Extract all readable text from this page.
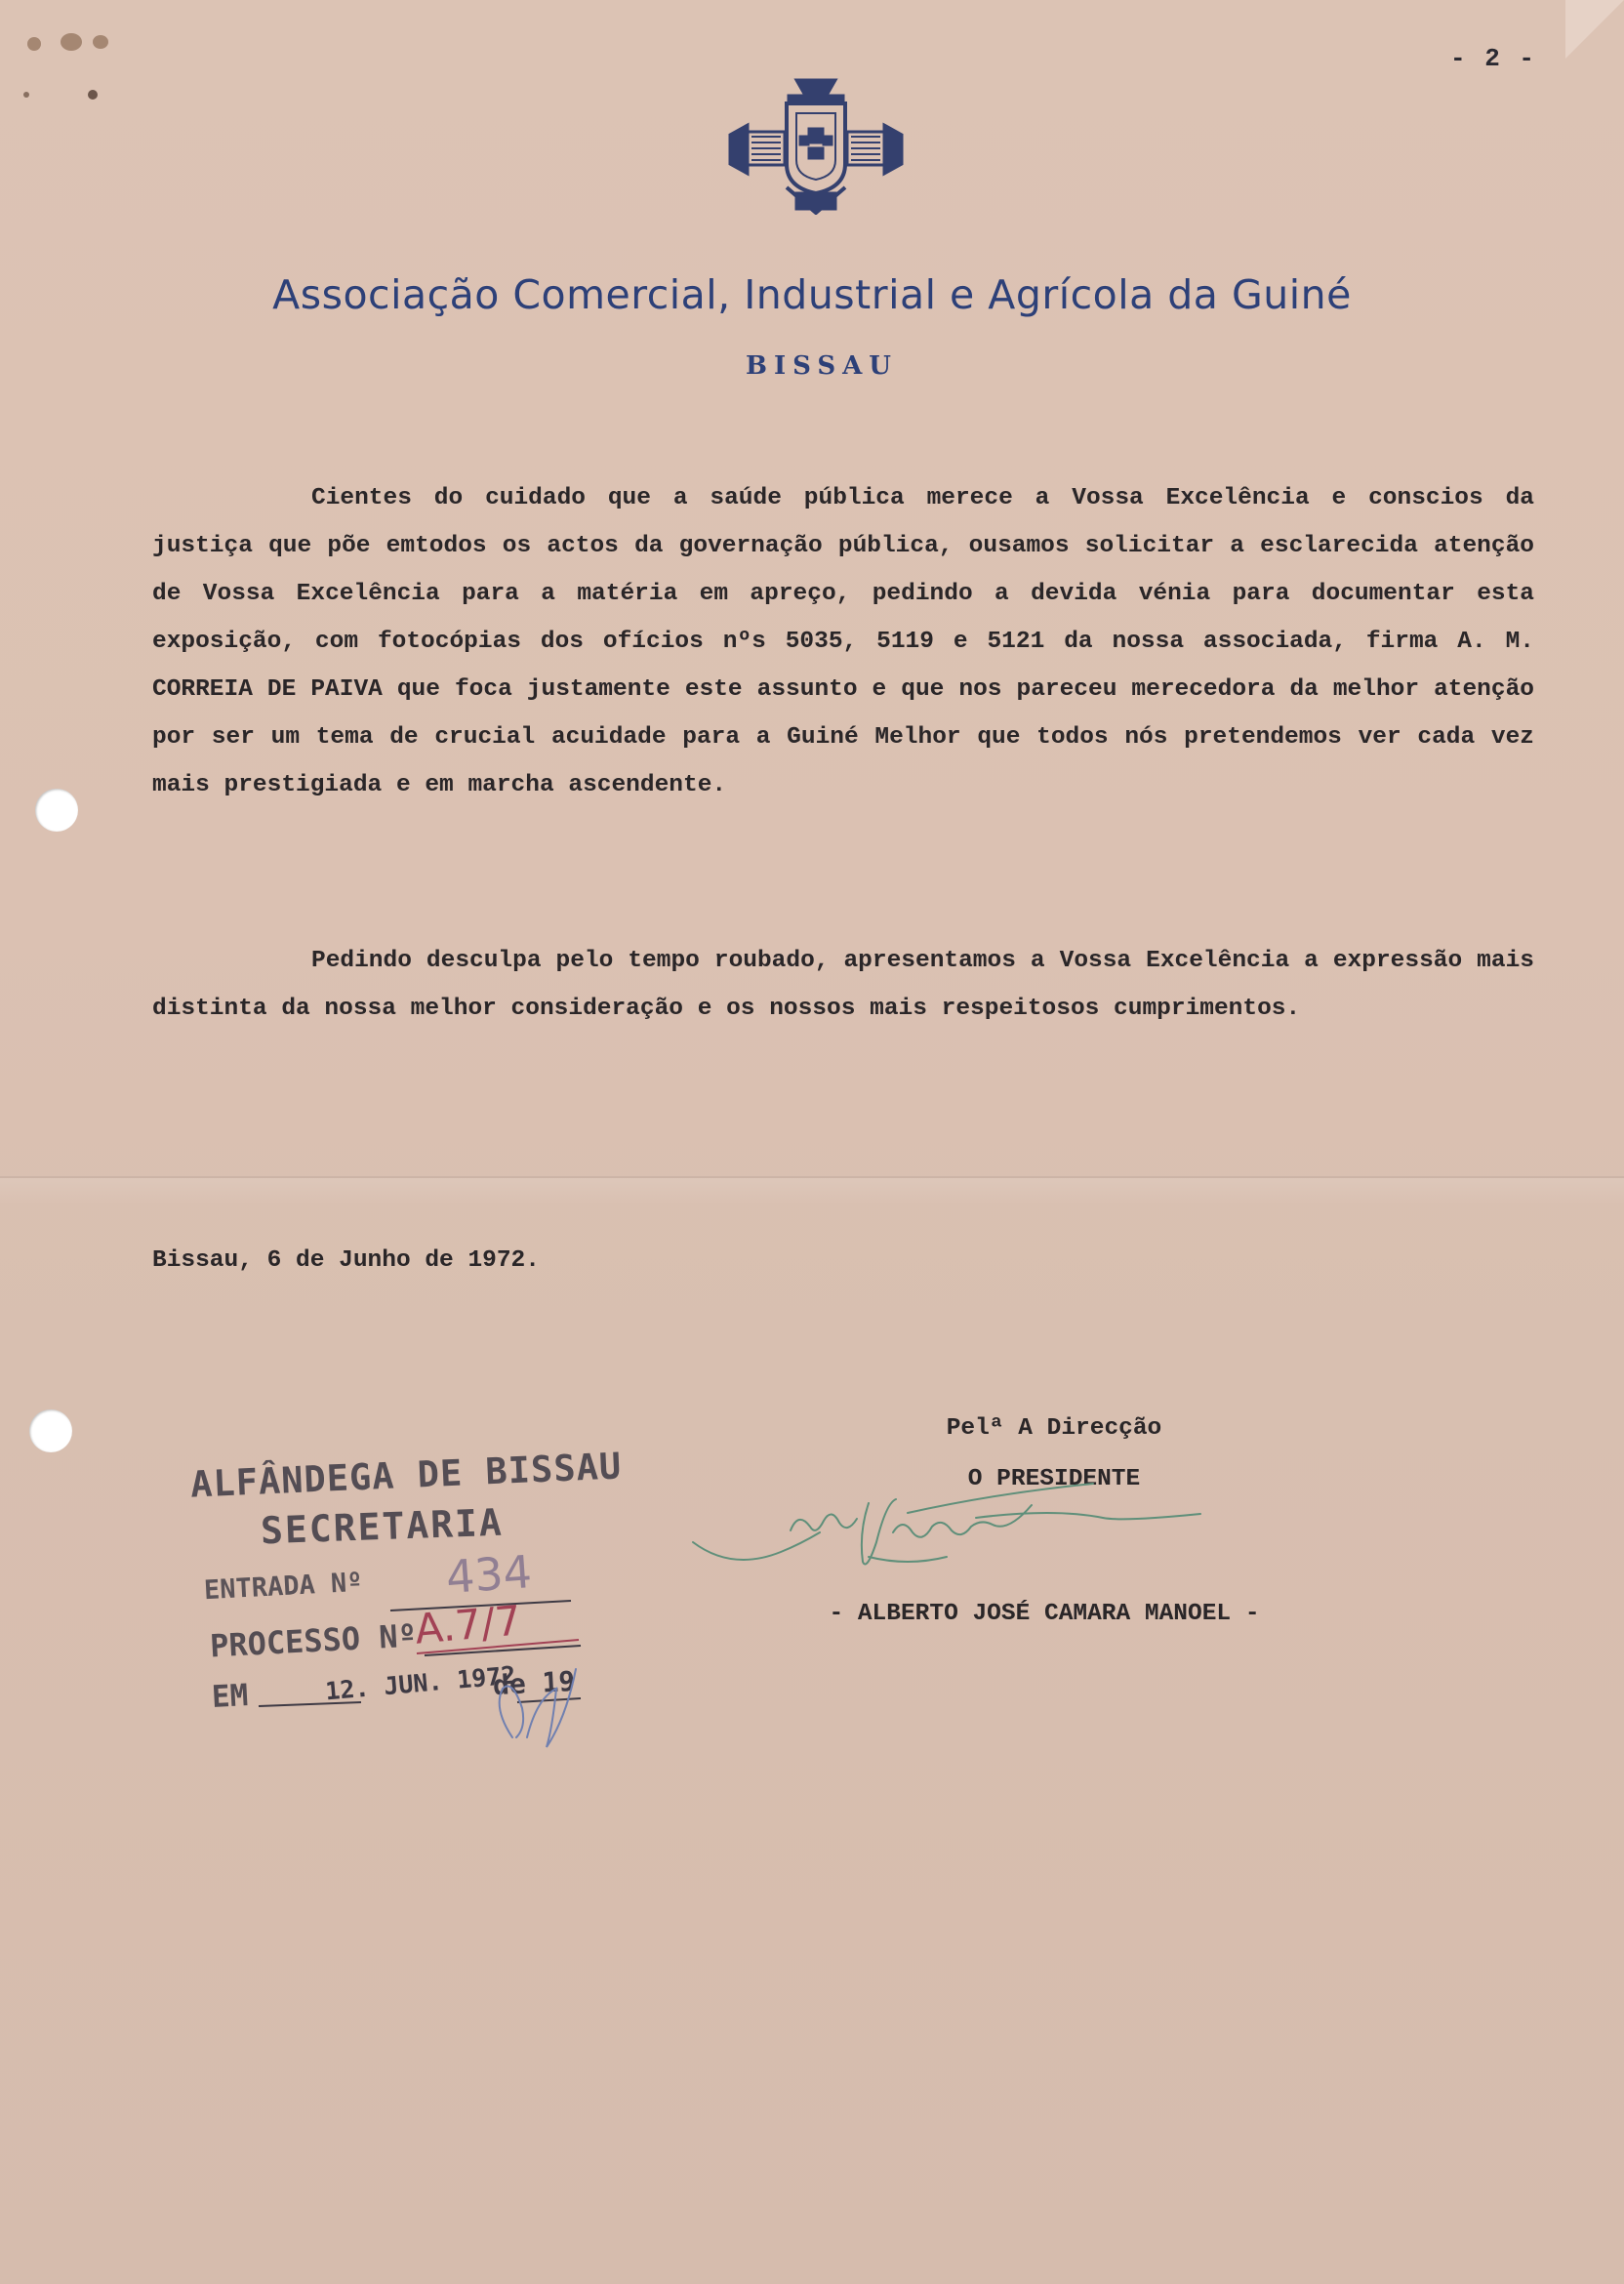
- 2 -
Associação Comercial, Industrial e Agrícola da Guiné
BISSAU

Cientes do cuidado que a saúde pública merece a Vossa Excelência e conscios da justiça que põe emtodos os actos da governação pública, ousamos solicitar a esclarecida atenção de Vossa Excelência para a matéria em apreço, pedindo a devida vénia para documentar esta exposição, com fotocópias dos ofícios nºs 5035, 5119 e 5121 da nossa associada, firma A. M. CORREIA DE PAIVA que foca justamente este assunto e que nos pareceu merecedora da melhor atenção por ser um tema de crucial acuidade para a Guiné Melhor que todos nós pretendemos ver cada vez mais prestigiada e em marcha ascendente.

Pedindo desculpa pelo tempo roubado, apresentamos a Vossa Excelência a expressão mais distinta da nossa melhor consideração e os nossos mais respeitosos cumprimentos.

Bissau, 6 de Junho de 1972.
Pelª A Direcção
O PRESIDENTE
- ALBERTO JOSÉ CAMARA MANOEL -
ALFÂNDEGA DE BISSAU
SECRETARIA
ENTRADA Nº 434
PROCESSO Nº
A.7/7
EM	12. JUN. 1972
de 19
